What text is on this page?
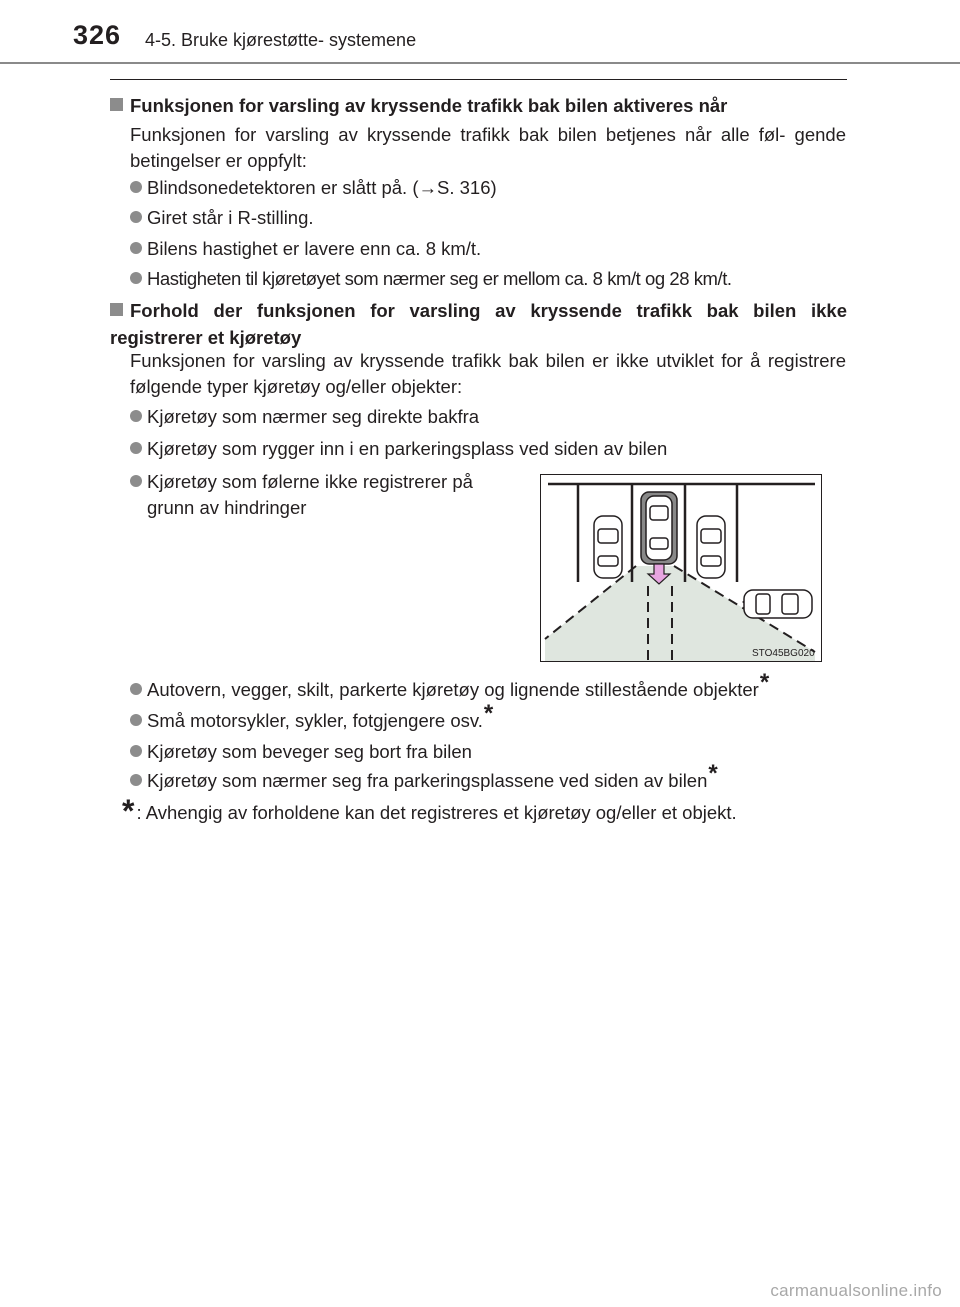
326 4-5. Bruke kjørestøtte- systemene
Funksjonen for varsling av kryssende trafikk bak bilen aktiveres når
Funksjonen for varsling av kryssende trafikk bak bilen betjenes når alle føl- gende betingelser er oppfylt:
Blindsonedetektoren er slått på. (→S. 316)
Giret står i R-stilling.
Bilens hastighet er lavere enn ca. 8 km/t.
Hastigheten til kjøretøyet som nærmer seg er mellom ca. 8 km/t og 28 km/t.
Forhold der funksjonen for varsling av kryssende trafikk bak bilen ikke registrerer et kjøretøy
Funksjonen for varsling av kryssende trafikk bak bilen er ikke utviklet for å registrere følgende typer kjøretøy og/eller objekter:
Kjøretøy som nærmer seg direkte bakfra
Kjøretøy som rygger inn i en parkeringsplass ved siden av bilen
Kjøretøy som følerne ikke registrerer på
grunn av hindringer
Autovern, vegger, skilt, parkerte kjøretøy og lignende stillestående objekter*
Små motorsykler, sykler, fotgjengere osv.*
Kjøretøy som beveger seg bort fra bilen
Kjøretøy som nærmer seg fra parkeringsplassene ved siden av bilen*
* : Avhengig av forholdene kan det registreres et kjøretøy og/eller et objekt.
STO45BG020
carmanualsonline.info
